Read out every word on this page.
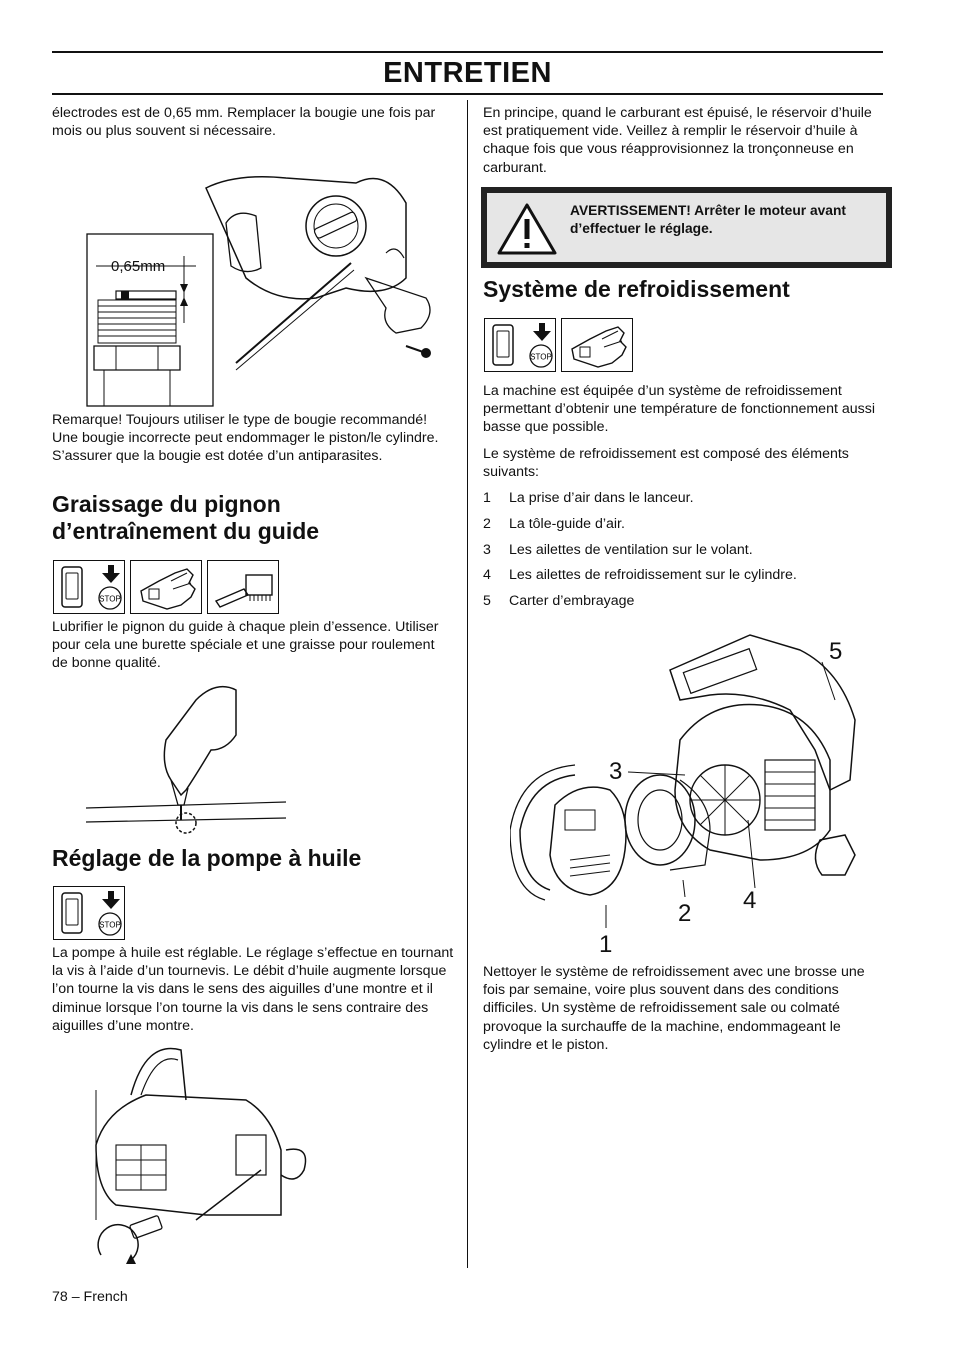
ENTRETIEN

électrodes est de 0,65 mm. Remplacer la bougie une fois par mois ou plus souvent si nécessaire.

0,65mm

Remarque! Toujours utiliser le type de bougie recommandé! Une bougie incorrecte peut endommager le piston/le cylindre. S’assurer que la bougie est dotée d’un antiparasites.

Graissage du pignon
d’entraînement du guide
STOP

Lubrifier le pignon du guide à chaque plein d’essence. Utiliser pour cela une burette spéciale et une graisse pour roulement de bonne qualité.

Réglage de la pompe à huile
STOP

La pompe à huile est réglable. Le réglage s’effectue en tournant la vis à l’aide d’un tournevis. Le débit d’huile augmente lorsque l’on tourne la vis dans le sens des aiguilles d’une montre et il diminue lorsque l’on tourne la vis dans le sens contraire des aiguilles d’une montre.

78 – French

En principe, quand le carburant est épuisé, le réservoir d’huile est pratiquement vide. Veillez à remplir le réservoir d’huile à chaque fois que vous réapprovisionnez la tronçonneuse en carburant.

AVERTISSEMENT! Arrêter le moteur avant d’effectuer le réglage.
Système de refroidissement
STOP

La machine est équipée d’un système de refroidissement permettant d’obtenir une température de fonctionnement aussi basse que possible.

Le système de refroidissement est composé des éléments suivants:

1	La prise d’air dans le lanceur.
2	La tôle-guide d’air.
3	Les ailettes de ventilation sur le volant.
4	Les ailettes de refroidissement sur le cylindre.
5	Carter d’embrayage
1
2
3
4
5

Nettoyer le système de refroidissement avec une brosse une fois par semaine, voire plus souvent dans des conditions difficiles. Un système de refroidissement sale ou colmaté provoque la surchauffe de la machine, endommageant le cylindre et le piston.
